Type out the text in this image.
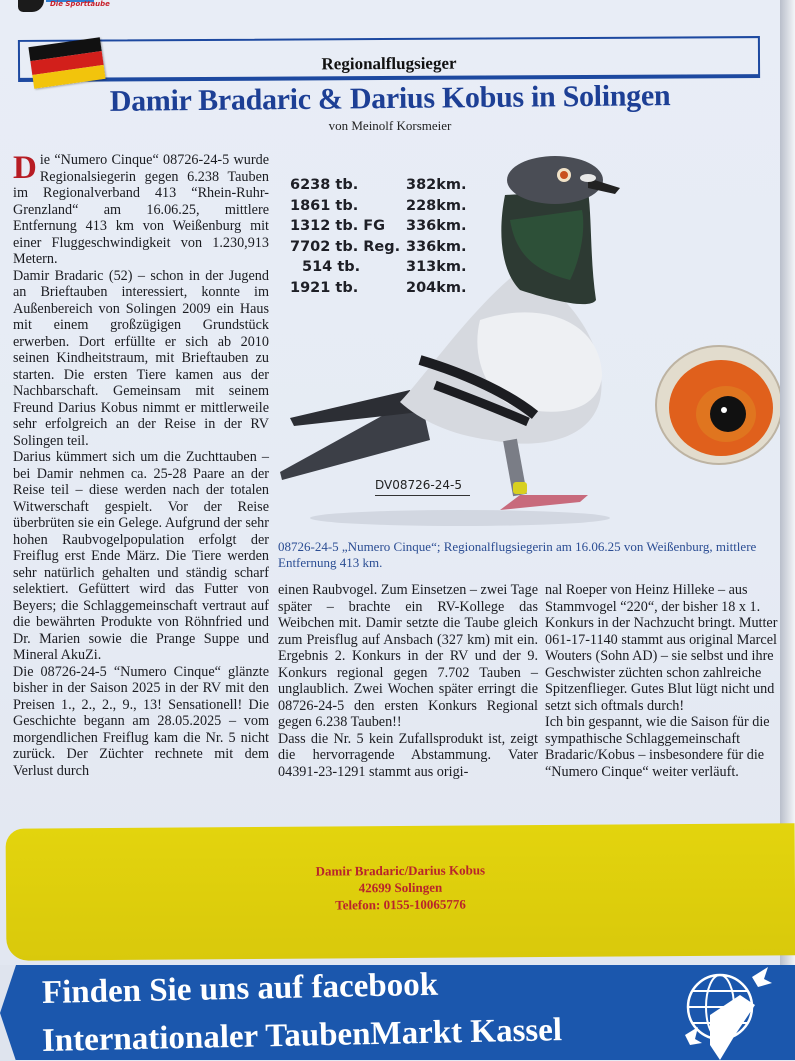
Die Sporttaube
Regionalflugsieger
Damir Bradaric & Darius Kobus in Solingen
von Meinolf Korsmeier

Die “Numero Cinque“ 08726-24-5 wurde Regionalsiegerin gegen 6.238 Tauben im Regionalverband 413 “Rhein-Ruhr-Grenzland“ am 16.06.25, mittlere Entfernung 413 km von Weißenburg mit einer Fluggeschwindigkeit von 1.230,913 Metern.

Damir Bradaric (52) – schon in der Jugend an Brieftauben interessiert, konnte im Außenbereich von Solingen 2009 ein Haus mit einem großzügigen Grundstück erwerben. Dort erfüllte er sich ab 2010 seinen Kindheitstraum, mit Brieftauben zu starten. Die ersten Tiere kamen aus der Nachbarschaft. Gemeinsam mit seinem Freund Darius Kobus nimmt er mittlerweile sehr erfolgreich an der Reise in der RV Solingen teil.

Darius kümmert sich um die Zuchttauben – bei Damir nehmen ca. 25-28 Paare an der Reise teil – diese werden nach der totalen Witwerschaft gespielt. Vor der Reise überbrüten sie ein Gelege. Aufgrund der sehr hohen Raubvogelpopulation erfolgt der Freiflug erst Ende März. Die Tiere werden sehr natürlich gehalten und ständig scharf selektiert. Gefüttert wird das Futter von Beyers; die Schlaggemeinschaft vertraut auf die bewährten Produkte von Röhnfried und Dr. Marien sowie die Prange Suppe und Mineral AkuZi.

Die 08726-24-5 “Numero Cinque“ glänzte bisher in der Saison 2025 in der RV mit den Preisen 1., 2., 2., 9., 13! Sensationell! Die Geschichte begann am 28.05.2025 – vom morgendlichen Freiflug kam die Nr. 5 nicht zurück. Der Züchter rechnete mit dem Verlust durch

6238 tb.	382km.
1861 tb.	228km.
1312 tb. FG	336km.
7702 tb. Reg. 336km.
514 tb.	313km.
1921 tb.	204km.
DV08726-24-5
08726-24-5 „Numero Cinque“; Regionalflugsiegerin am 16.06.25 von Weißenburg, mittlere Entfernung 413 km.

einen Raubvogel. Zum Einsetzen – zwei Tage später – brachte ein RV-Kollege das Weibchen mit. Damir setzte die Taube gleich zum Preisflug auf Ansbach (327 km) mit ein. Ergebnis 2. Konkurs in der RV und der 9. Konkurs regional gegen 7.702 Tauben – unglaublich. Zwei Wochen später erringt die 08726-24-5 den ersten Konkurs Regional gegen 6.238 Tauben!!

Dass die Nr. 5 kein Zufallsprodukt ist, zeigt die hervorragende Abstammung. Vater 04391-23-1291 stammt aus origi-

nal Roeper von Heinz Hilleke – aus Stammvogel “220“, der bisher 18 x 1. Konkurs in der Nachzucht bringt. Mutter 061-17-1140 stammt aus original Marcel Wouters (Sohn AD) – sie selbst und ihre Geschwister züchten schon zahlreiche Spitzenflieger. Gutes Blut lügt nicht und setzt sich oftmals durch!

Ich bin gespannt, wie die Saison für die sympathische Schlaggemeinschaft Bradaric/Kobus – insbesondere für die “Numero Cinque“ weiter verläuft.

Damir Bradaric/Darius Kobus
42699 Solingen
Telefon: 0155-10065776
Finden Sie uns auf facebook
Internationaler TaubenMarkt Kassel
